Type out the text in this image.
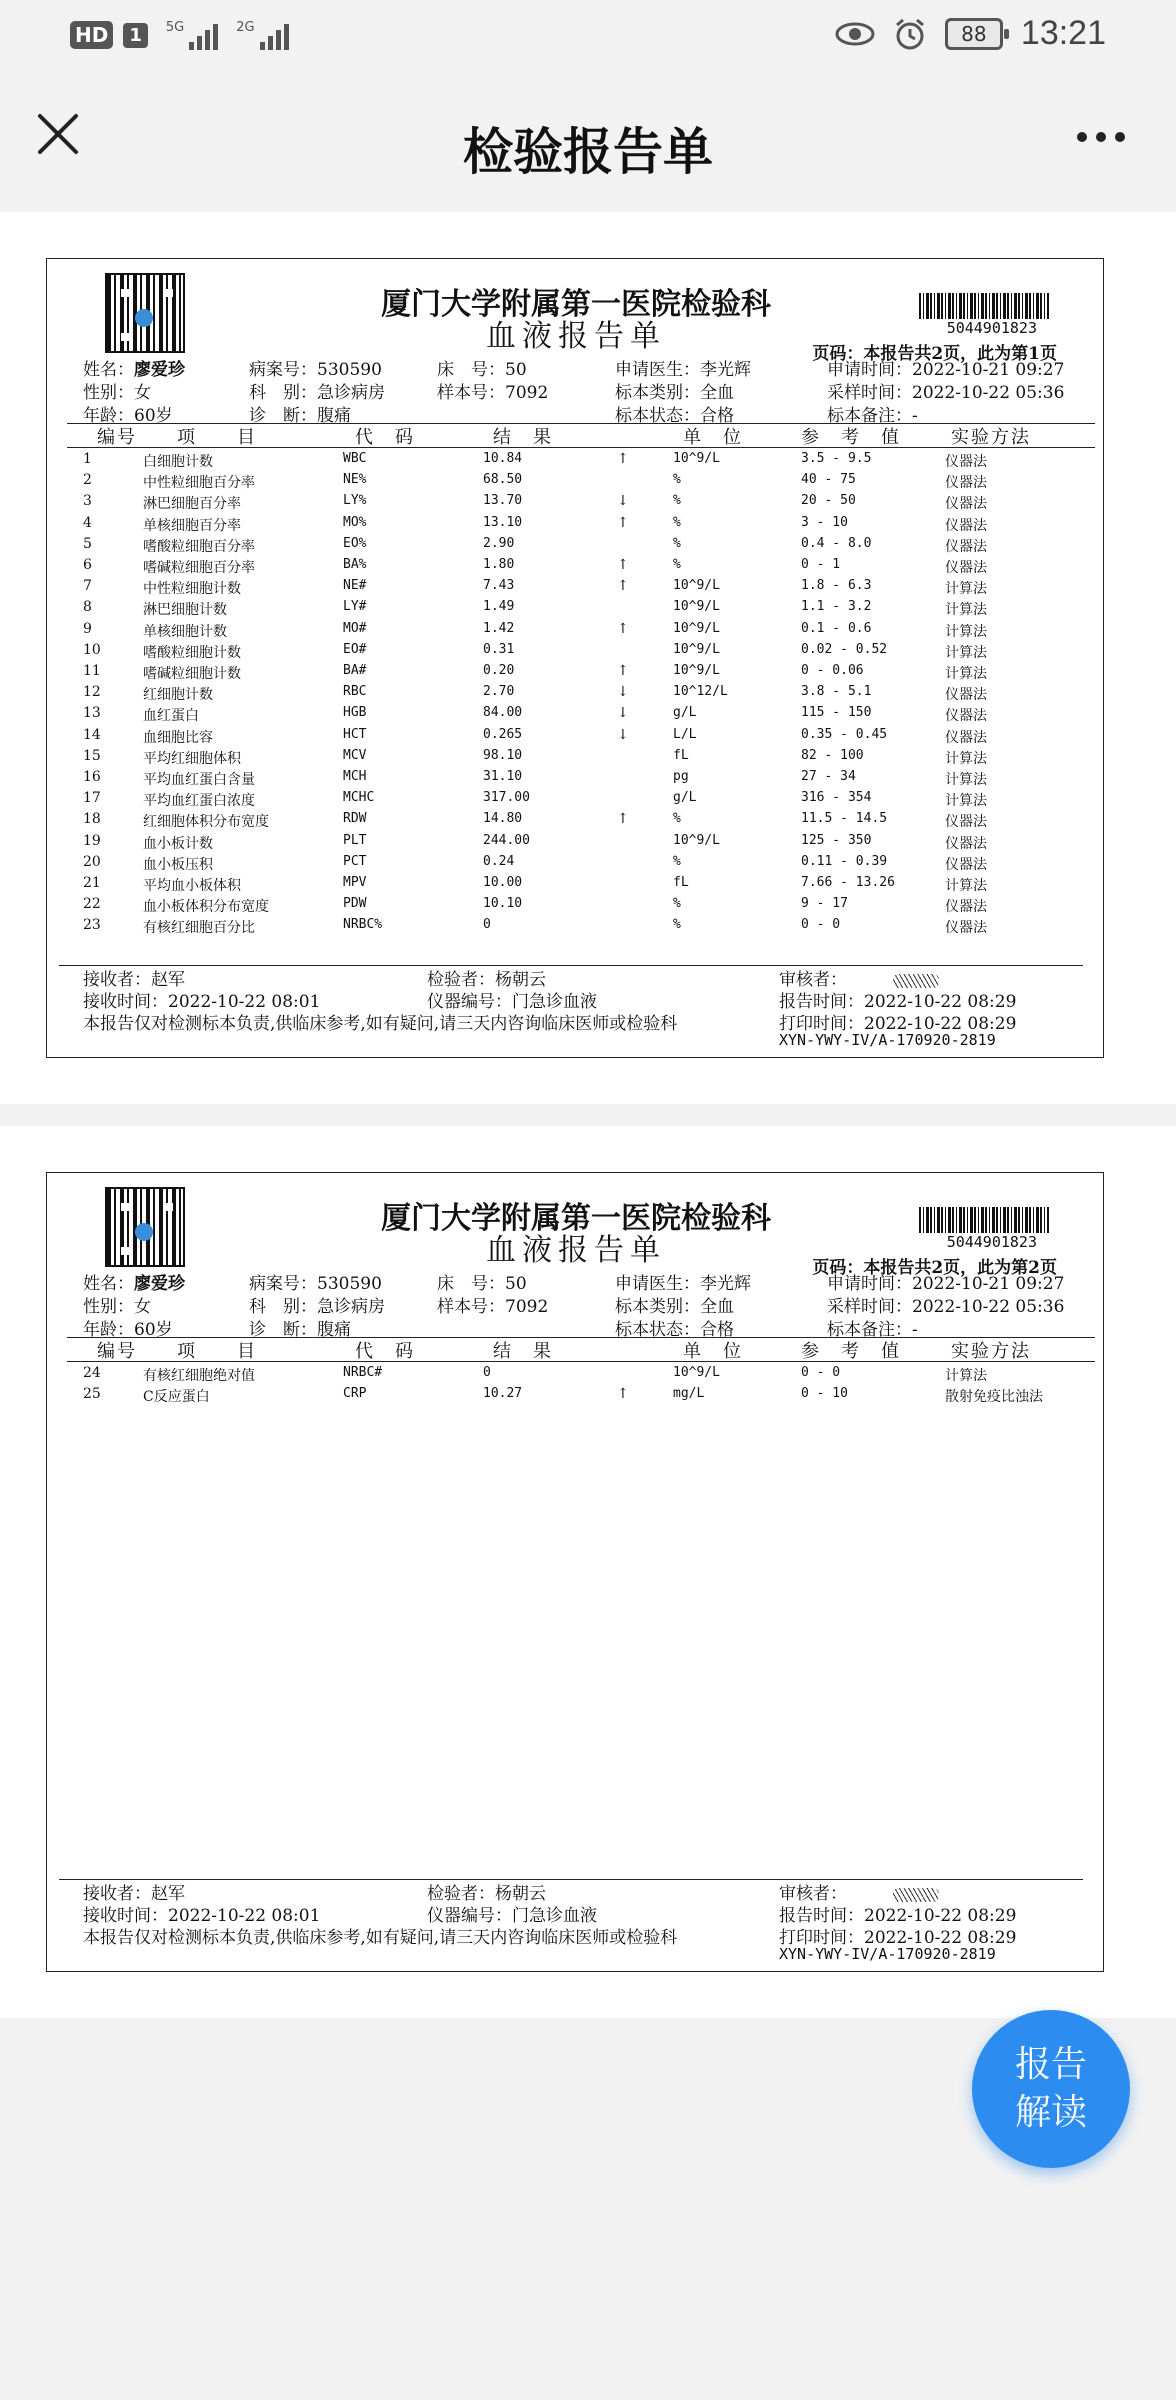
HD	1	5G	2G	88	13:21
检验报告单
厦门大学附属第一医院检验科
血液报告单	5044901823
页码：本报告共2页，此为第1页
姓名：廖爱珍	病案号：530590	床　号：50	申请医生：李光辉	申请时间：2022-10-21 09:27
性别：女	科　别：急诊病房	样本号：7092	标本类别：全血	采样时间：2022-10-22 05:36
年龄：60岁	诊　断：腹痛	标本状态：合格	标本备注：-
编号 项　　目	代　码	结　果	单　位	参　考　值	实验方法
1	白细胞计数	WBC	10.84	↑	10^9/L	3.5 - 9.5	仪器法
2	中性粒细胞百分率	NE%	68.50	%	40 - 75	仪器法
3	淋巴细胞百分率	LY%	13.70	↓	%	20 - 50	仪器法
4	单核细胞百分率	MO%	13.10	↑	%	3 - 10	仪器法
5	嗜酸粒细胞百分率	EO%	2.90	%	0.4 - 8.0	仪器法
6	嗜碱粒细胞百分率	BA%	1.80	↑	%	0 - 1	仪器法
7	中性粒细胞计数	NE#	7.43	↑	10^9/L	1.8 - 6.3	计算法
8	淋巴细胞计数	LY#	1.49	10^9/L	1.1 - 3.2	计算法
9	单核细胞计数	MO#	1.42	↑	10^9/L	0.1 - 0.6	计算法
10	嗜酸粒细胞计数	EO#	0.31	10^9/L	0.02 - 0.52	计算法
11	嗜碱粒细胞计数	BA#	0.20	↑	10^9/L	0 - 0.06	计算法
12	红细胞计数	RBC	2.70	↓	10^12/L	3.8 - 5.1	仪器法
13	血红蛋白	HGB	84.00	↓	g/L	115 - 150	仪器法
14	血细胞比容	HCT	0.265	↓	L/L	0.35 - 0.45	仪器法
15	平均红细胞体积	MCV	98.10	fL	82 - 100	计算法
16	平均血红蛋白含量	MCH	31.10	pg	27 - 34	计算法
17	平均血红蛋白浓度	MCHC	317.00	g/L	316 - 354	计算法
18	红细胞体积分布宽度	RDW	14.80	↑	%	11.5 - 14.5	仪器法
19	血小板计数	PLT	244.00	10^9/L	125 - 350	仪器法
20	血小板压积	PCT	0.24	%	0.11 - 0.39	仪器法
21	平均血小板体积	MPV	10.00	fL	7.66 - 13.26	计算法
22	血小板体积分布宽度	PDW	10.10	%	9 - 17	仪器法
23	有核红细胞百分比	NRBC%	0	%	0 - 0	仪器法
接收者：赵军	检验者：杨朝云	审核者：
接收时间：2022-10-22 08:01	仪器编号：门急诊血液	报告时间：2022-10-22 08:29
本报告仅对检测标本负责,供临床参考,如有疑问,请三天内咨询临床医师或检验科	打印时间：2022-10-22 08:29
XYN-YWY-IV/A-170920-2819
厦门大学附属第一医院检验科
血液报告单	5044901823
页码：本报告共2页，此为第2页
姓名：廖爱珍	病案号：530590	床　号：50	申请医生：李光辉	申请时间：2022-10-21 09:27
性别：女	科　别：急诊病房	样本号：7092	标本类别：全血	采样时间：2022-10-22 05:36
年龄：60岁	诊　断：腹痛	标本状态：合格	标本备注：-
编号 项　　目	代　码	结　果	单　位	参　考　值	实验方法
24	有核红细胞绝对值	NRBC#	0	10^9/L	0 - 0	计算法
25	C反应蛋白	CRP	10.27	↑	mg/L	0 - 10	散射免疫比浊法
接收者：赵军	检验者：杨朝云	审核者：
接收时间：2022-10-22 08:01	仪器编号：门急诊血液	报告时间：2022-10-22 08:29
本报告仅对检测标本负责,供临床参考,如有疑问,请三天内咨询临床医师或检验科	打印时间：2022-10-22 08:29
XYN-YWY-IV/A-170920-2819
报告
解读
